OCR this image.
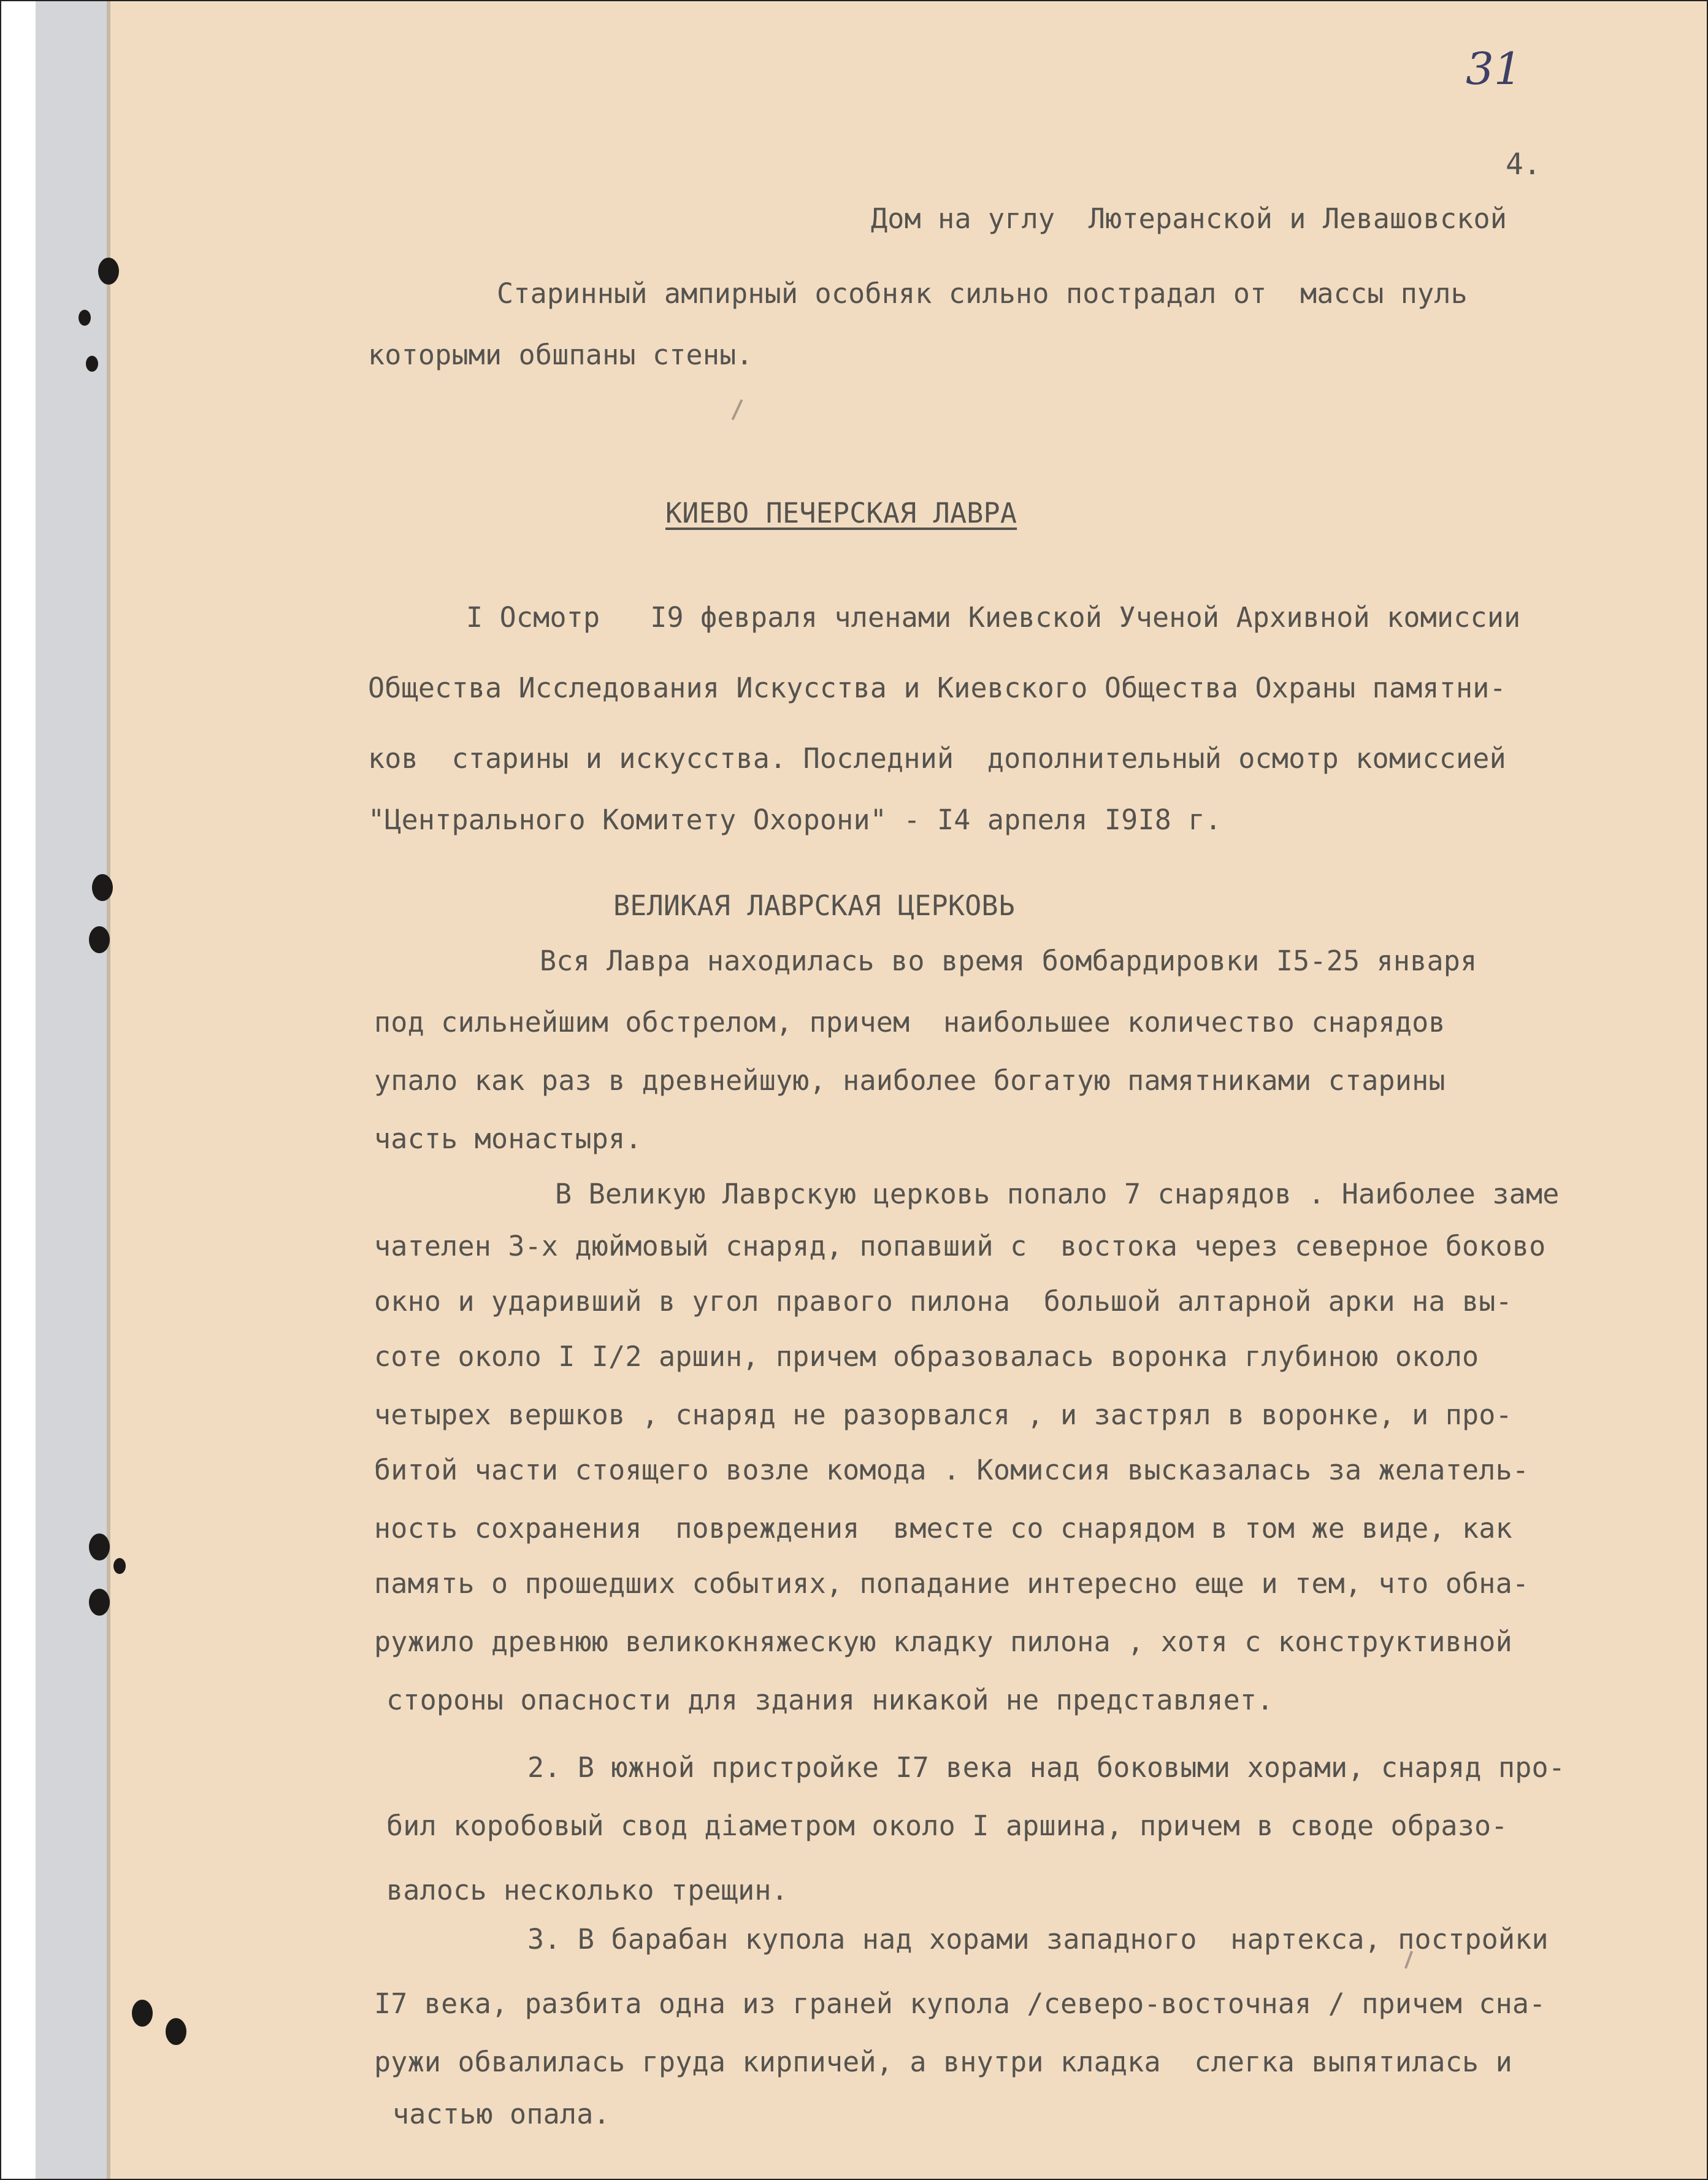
31
4.
Дом на углу  Лютеранской и Левашовской
Старинный ампирный особняк сильно пострадал от  массы пуль
которыми обшпаны стены.
КИЕВО ПЕЧЕРСКАЯ ЛАВРА
I Осмотр   I9 февраля членами Киевской Ученой Архивной комиссии
Общества Исследования Искусства и Киевского Общества Охраны памятни-
ков  старины и искусства. Последний  дополнительный осмотр комиссией
"Центрального Комитету Охорони" - I4 арпеля I9I8 г.
ВЕЛИКАЯ ЛАВРСКАЯ ЦЕРКОВЬ
Вся Лавра находилась во время бомбардировки I5-25 января
под сильнейшим обстрелом, причем  наибольшее количество снарядов
упало как раз в древнейшую, наиболее богатую памятниками старины
часть монастыря.
В Великую Лаврскую церковь попало 7 снарядов . Наиболее заме
чателен 3-х дюймовый снаряд, попавший с  востока через северное боково
окно и ударивший в угол правого пилона  большой алтарной арки на вы-
соте около I I/2 аршин, причем образовалась воронка глубиною около
четырех вершков , снаряд не разорвался , и застрял в воронке, и про-
битой части стоящего возле комода . Комиссия высказалась за желатель-
ность сохранения  повреждения  вместе со снарядом в том же виде, как
память о прошедших событиях, попадание интересно еще и тем, что обна-
ружило древнюю великокняжескую кладку пилона , хотя с конструктивной
стороны опасности для здания никакой не представляет.
2. В южной пристройке I7 века над боковыми хорами, снаряд про-
бил коробовый свод діаметром около I аршина, причем в своде образо-
валось несколько трещин.
3. В барабан купола над хорами западного  нартекса, постройки
I7 века, разбита одна из граней купола /северо-восточная / причем сна-
ружи обвалилась груда кирпичей, а внутри кладка  слегка выпятилась и
частью опала.
